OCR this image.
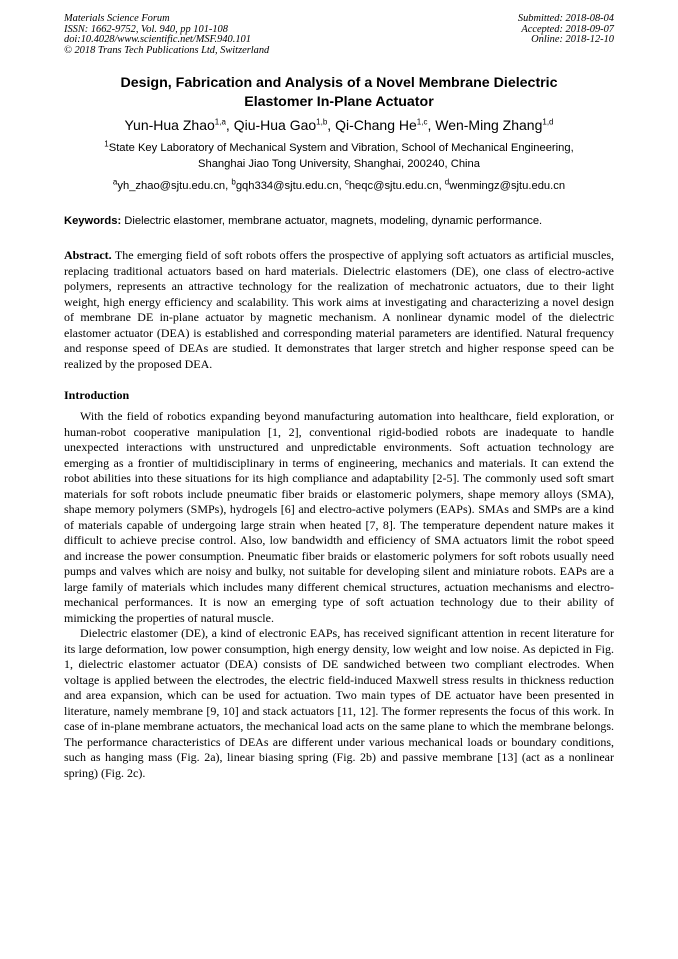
Materials Science Forum
ISSN: 1662-9752, Vol. 940, pp 101-108
doi:10.4028/www.scientific.net/MSF.940.101
© 2018 Trans Tech Publications Ltd, Switzerland
Submitted: 2018-08-04
Accepted: 2018-09-07
Online: 2018-12-10
Design, Fabrication and Analysis of a Novel Membrane Dielectric
Elastomer In-Plane Actuator
Yun-Hua Zhao$^{1,a}$, Qiu-Hua Gao$^{1,b}$, Qi-Chang He$^{1,c}$, Wen-Ming Zhang$^{1,d}$
$^1$State Key Laboratory of Mechanical System and Vibration, School of Mechanical Engineering,
Shanghai Jiao Tong University, Shanghai, 200240, China
$^a$yh_zhao@sjtu.edu.cn, $^b$gqh334@sjtu.edu.cn, $^c$heqc@sjtu.edu.cn, $^d$wenmingz@sjtu.edu.cn
Keywords: Dielectric elastomer, membrane actuator, magnets, modeling, dynamic performance.
Abstract. The emerging field of soft robots offers the prospective of applying soft actuators as artificial muscles, replacing traditional actuators based on hard materials. Dielectric elastomers (DE), one class of electro-active polymers, represents an attractive technology for the realization of mechatronic actuators, due to their light weight, high energy efficiency and scalability. This work aims at investigating and characterizing a novel design of membrane DE in-plane actuator by magnetic mechanism. A nonlinear dynamic model of the dielectric elastomer actuator (DEA) is established and corresponding material parameters are identified. Natural frequency and response speed of DEAs are studied. It demonstrates that larger stretch and higher response speed can be realized by the proposed DEA.
Introduction

With the field of robotics expanding beyond manufacturing automation into healthcare, field exploration, or human-robot cooperative manipulation [1, 2], conventional rigid-bodied robots are inadequate to handle unexpected interactions with unstructured and unpredictable environments. Soft actuation technology are emerging as a frontier of multidisciplinary in terms of engineering, mechanics and materials. It can extend the robot abilities into these situations for its high compliance and adaptability [2-5]. The commonly used soft smart materials for soft robots include pneumatic fiber braids or elastomeric polymers, shape memory alloys (SMA), shape memory polymers (SMPs), hydrogels [6] and electro-active polymers (EAPs). SMAs and SMPs are a kind of materials capable of undergoing large strain when heated [7, 8]. The temperature dependent nature makes it difficult to achieve precise control. Also, low bandwidth and efficiency of SMA actuators limit the robot speed and increase the power consumption. Pneumatic fiber braids or elastomeric polymers for soft robots usually need pumps and valves which are noisy and bulky, not suitable for developing silent and miniature robots. EAPs are a large family of materials which includes many different chemical structures, actuation mechanisms and electro-mechanical performances. It is now an emerging type of soft actuation technology due to their ability of mimicking the properties of natural muscle.

Dielectric elastomer (DE), a kind of electronic EAPs, has received significant attention in recent literature for its large deformation, low power consumption, high energy density, low weight and low noise. As depicted in Fig. 1, dielectric elastomer actuator (DEA) consists of DE sandwiched between two compliant electrodes. When voltage is applied between the electrodes, the electric field-induced Maxwell stress results in thickness reduction and area expansion, which can be used for actuation. Two main types of DE actuator have been presented in literature, namely membrane [9, 10] and stack actuators [11, 12]. The former represents the focus of this work. In case of in-plane membrane actuators, the mechanical load acts on the same plane to which the membrane belongs. The performance characteristics of DEAs are different under various mechanical loads or boundary conditions, such as hanging mass (Fig. 2a), linear biasing spring (Fig. 2b) and passive membrane [13] (act as a nonlinear spring) (Fig. 2c).
